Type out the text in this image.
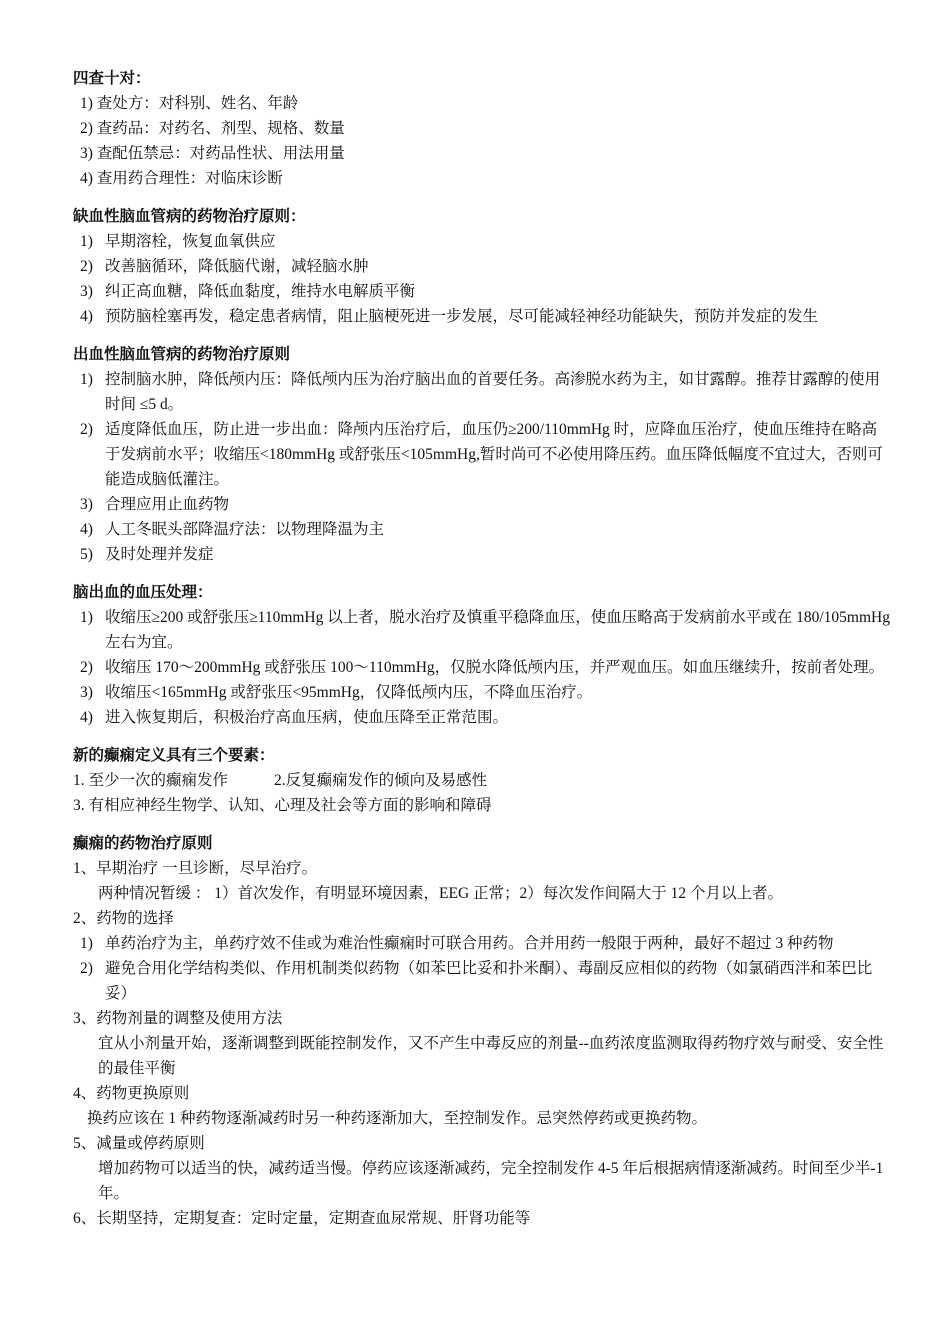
四查十对：
1) 查处方：对科别、姓名、年龄
2) 查药品：对药名、剂型、规格、数量
3) 查配伍禁忌：对药品性状、用法用量
4) 查用药合理性：对临床诊断
缺血性脑血管病的药物治疗原则：
1) 早期溶栓，恢复血氧供应
2) 改善脑循环，降低脑代谢，减轻脑水肿
3) 纠正高血糖，降低血黏度，维持水电解质平衡
4) 预防脑栓塞再发，稳定患者病情，阻止脑梗死进一步发展，尽可能减轻神经功能缺失，预防并发症的发生
出血性脑血管病的药物治疗原则
1) 控制脑水肿，降低颅内压：降低颅内压为治疗脑出血的首要任务。高渗脱水药为主，如甘露醇。推荐甘露醇的使用时间 ≤5 d。
2) 适度降低血压，防止进一步出血：降颅内压治疗后，血压仍≥200/110mmHg 时，应降血压治疗，使血压维持在略高于发病前水平；收缩压<180mmHg 或舒张压<105mmHg,暂时尚可不必使用降压药。血压降低幅度不宜过大，否则可能造成脑低灌注。
3) 合理应用止血药物
4) 人工冬眠头部降温疗法：以物理降温为主
5) 及时处理并发症
脑出血的血压处理：
1) 收缩压≥200 或舒张压≥110mmHg 以上者，脱水治疗及慎重平稳降血压，使血压略高于发病前水平或在 180/105mmHg 左右为宜。
2) 收缩压 170～200mmHg 或舒张压 100～110mmHg，仅脱水降低颅内压，并严观血压。如血压继续升，按前者处理。
3) 收缩压<165mmHg 或舒张压<95mmHg，仅降低颅内压，不降血压治疗。
4) 进入恢复期后，积极治疗高血压病，使血压降至正常范围。
新的癫痫定义具有三个要素：
1. 至少一次的癫痫发作	2.反复癫痫发作的倾向及易感性
3. 有相应神经生物学、认知、心理及社会等方面的影响和障碍
癫痫的药物治疗原则
1、早期治疗 一旦诊断，尽早治疗。
两种情况暂缓 ： 1）首次发作，有明显环境因素，EEG 正常；2）每次发作间隔大于 12 个月以上者。
2、药物的选择
1) 单药治疗为主，单药疗效不佳或为难治性癫痫时可联合用药。合并用药一般限于两种，最好不超过 3 种药物
2) 避免合用化学结构类似、作用机制类似药物（如苯巴比妥和扑米酮）、毒副反应相似的药物（如氯硝西泮和苯巴比妥）
3、药物剂量的调整及使用方法
宜从小剂量开始，逐渐调整到既能控制发作，又不产生中毒反应的剂量--血药浓度监测取得药物疗效与耐受、安全性的最佳平衡
4、药物更换原则
换药应该在 1 种药物逐渐减药时另一种药逐渐加大，至控制发作。忌突然停药或更换药物。
5、减量或停药原则
增加药物可以适当的快，减药适当慢。停药应该逐渐减药，完全控制发作 4-5 年后根据病情逐渐减药。时间至少半-1 年。
6、长期坚持，定期复查：定时定量，定期查血尿常规、肝肾功能等
